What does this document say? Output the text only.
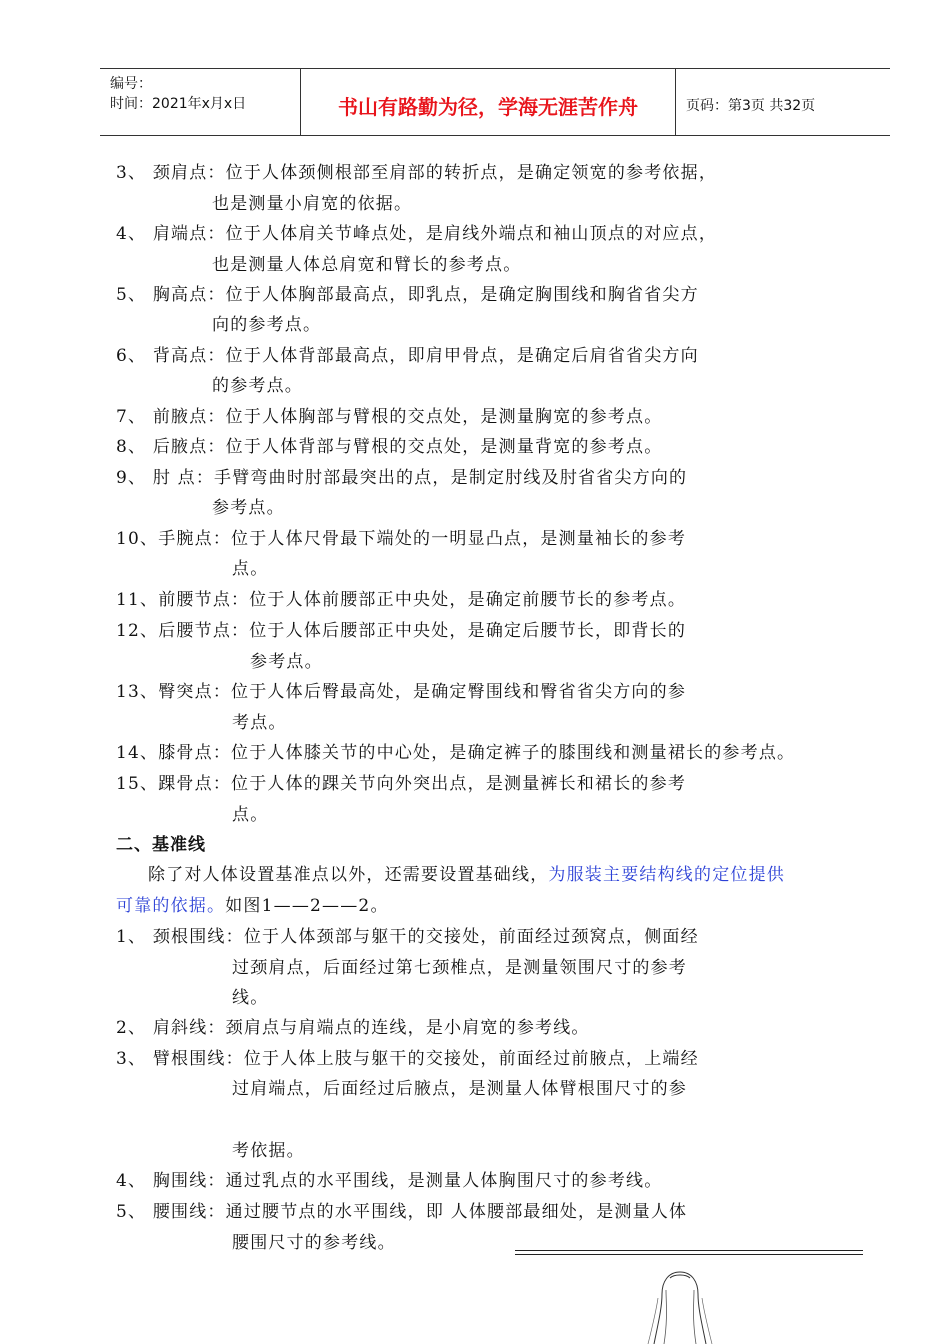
编号：
时间：2021年x月x日	书山有路勤为径，学海无涯苦作舟	页码：第3页 共32页
3、 颈肩点：位于人体颈侧根部至肩部的转折点，是确定领宽的参考依据，
也是测量小肩宽的依据。
4、 肩端点：位于人体肩关节峰点处，是肩线外端点和袖山顶点的对应点，
也是测量人体总肩宽和臂长的参考点。
5、 胸高点：位于人体胸部最高点，即乳点，是确定胸围线和胸省省尖方
向的参考点。
6、 背高点：位于人体背部最高点，即肩甲骨点，是确定后肩省省尖方向
的参考点。
7、 前腋点：位于人体胸部与臂根的交点处，是测量胸宽的参考点。
8、 后腋点：位于人体背部与臂根的交点处，是测量背宽的参考点。
9、 肘 点：手臂弯曲时肘部最突出的点，是制定肘线及肘省省尖方向的
参考点。
10、手腕点：位于人体尺骨最下端处的一明显凸点，是测量袖长的参考
点。
11、前腰节点：位于人体前腰部正中央处，是确定前腰节长的参考点。
12、后腰节点：位于人体后腰部正中央处，是确定后腰节长，即背长的
参考点。
13、臀突点：位于人体后臀最高处，是确定臀围线和臀省省尖方向的参
考点。
14、膝骨点：位于人体膝关节的中心处，是确定裤子的膝围线和测量裙长的参考点。
15、踝骨点：位于人体的踝关节向外突出点，是测量裤长和裙长的参考
点。
二、基准线
除了对人体设置基准点以外，还需要设置基础线，为服装主要结构线的定位提供
可靠的依据。如图1——2——2。
1、 颈根围线：位于人体颈部与躯干的交接处，前面经过颈窝点，侧面经
过颈肩点，后面经过第七颈椎点，是测量领围尺寸的参考
线。
2、 肩斜线：颈肩点与肩端点的连线，是小肩宽的参考线。
3、 臂根围线：位于人体上肢与躯干的交接处，前面经过前腋点，上端经
过肩端点，后面经过后腋点，是测量人体臂根围尺寸的参
考依据。
4、 胸围线：通过乳点的水平围线，是测量人体胸围尺寸的参考线。
5、 腰围线：通过腰节点的水平围线，即 人体腰部最细处，是测量人体
腰围尺寸的参考线。
